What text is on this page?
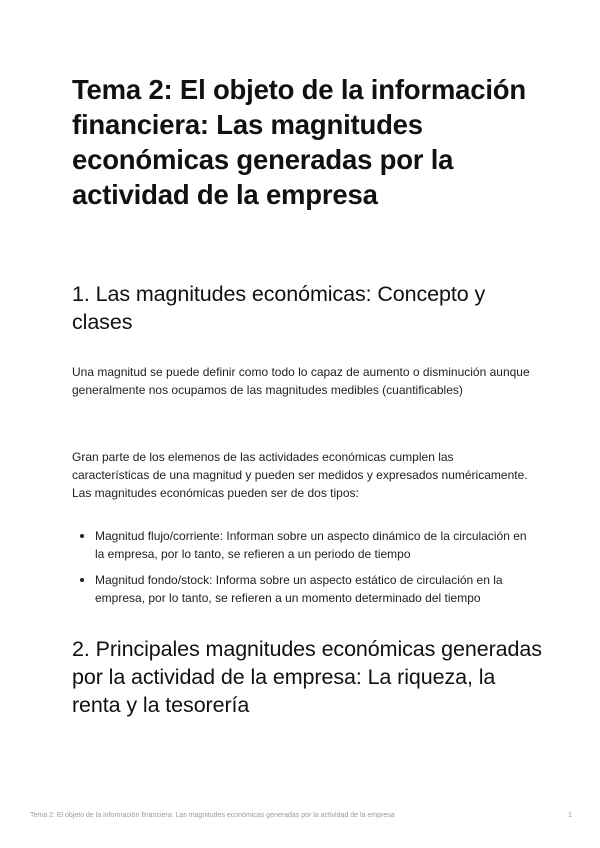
Tema 2: El objeto de la información financiera: Las magnitudes económicas generadas por la actividad de la empresa
1. Las magnitudes económicas: Concepto y clases

Una magnitud se puede definir como todo lo capaz de aumento o disminución aunque generalmente nos ocupamos de las magnitudes medibles (cuantificables)

Gran parte de los elemenos de las actividades económicas cumplen las características de una magnitud y pueden ser medidos y expresados numéricamente. Las magnitudes económicas pueden ser de dos tipos:

Magnitud flujo/corriente: Informan sobre un aspecto dinámico de la circulación en la empresa, por lo tanto, se refieren a un periodo de tiempo
Magnitud fondo/stock: Informa sobre un aspecto estático de circulación en la empresa, por lo tanto, se refieren a un momento determinado del tiempo
2. Principales magnitudes económicas generadas por la actividad de la empresa: La riqueza, la renta y la tesorería
Tema 2: El objeto de la información financiera: Las magnitudes económicas generadas por la actividad de la empresa	1
